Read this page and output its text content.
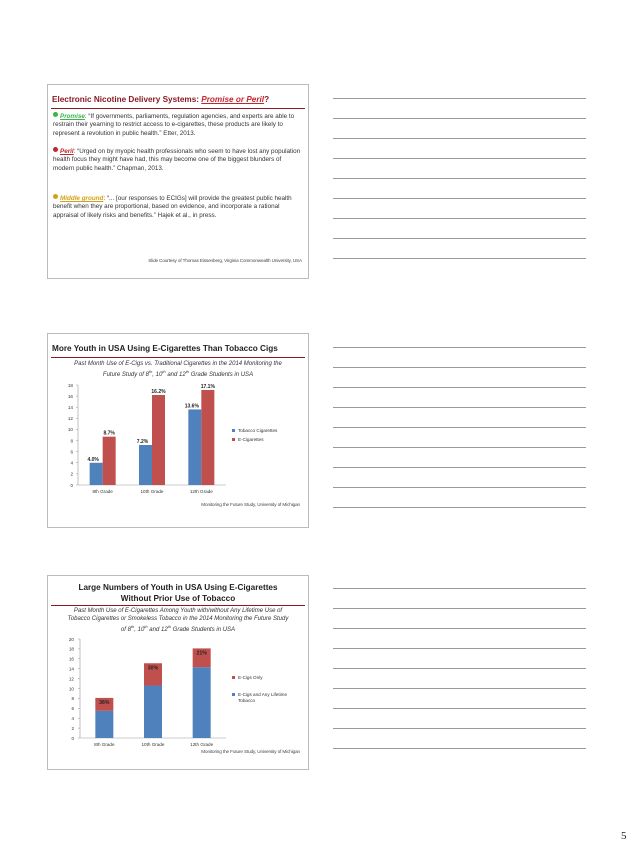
Electronic Nicotine Delivery Systems: Promise or Peril?
Promise: “If governments, parliaments, regulation agencies, and experts are able to restrain their yearning to restrict access to e-cigarettes, these products are likely to represent a revolution in public health.” Etter, 2013.
Peril: “Urged on by myopic health professionals who seem to have lost any population health focus they might have had, this may become one of the biggest blunders of modern public health.” Chapman, 2013.
Middle ground: “... [our responses to ECIGs] will provide the greatest public health benefit when they are proportional, based on evidence, and incorporate a rational appraisal of likely risks and benefits.” Hajek et al., in press.
Slide Courtesy of Thomas Eissenberg, Virginia Commonwealth University, USA
More Youth in USA Using E-Cigarettes Than Tobacco Cigs
Past Month Use of E-Cigs vs. Traditional Cigarettes in the 2014 Monitoring the
Future Study of 8th, 10th and 12th Grade Students in USA
0
2
4
6
8
10
12
14
16
18
8th Grade
4.0%
8.7%
10th Grade
7.2%
16.2%
12th Grade
13.6%
17.1%
Tobacco Cigarettes
E-Cigarettes
Monitoring the Future Study, University of Michigan
Large Numbers of Youth in USA Using E-Cigarettes Without Prior Use of Tobacco
Past Month Use of E-Cigarettes Among Youth with/without Any Lifetime Use of
Tobacco Cigarettes or Smokeless Tobacco in the 2014 Monitoring the Future Study
of 8th, 10th and 12th Grade Students in USA
0
2
4
6
8
10
12
14
16
18
20
8th Grade
36%
10th Grade
30%
12th Grade
21%
E-Cigs Only
E-Cigs and Any Lifetime Tobacco
Monitoring the Future Study, University of Michigan
5
